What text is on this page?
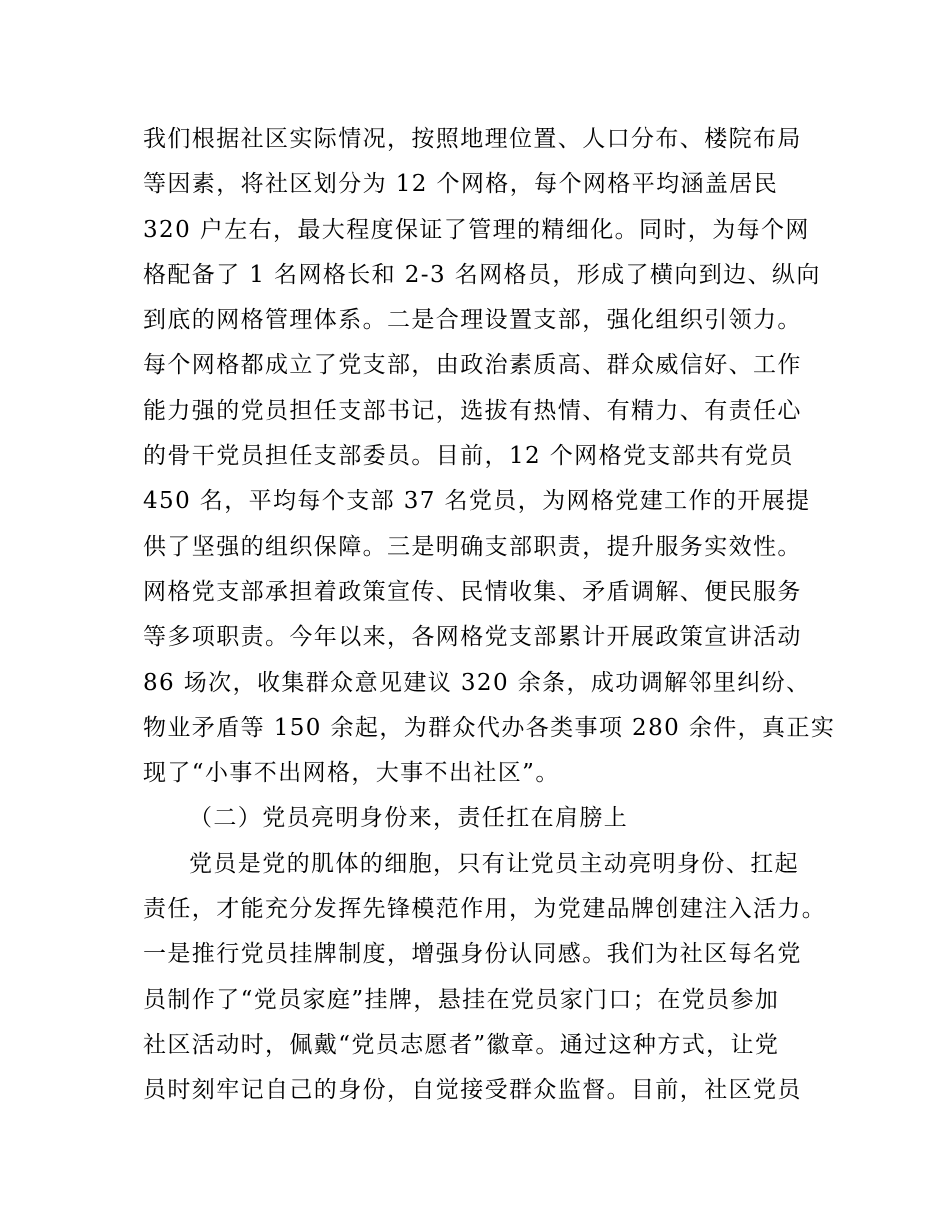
我们根据社区实际情况，按照地理位置、人口分布、楼院布局
等因素，将社区划分为 12 个网格，每个网格平均涵盖居民
320 户左右，最大程度保证了管理的精细化。同时，为每个网
格配备了 1 名网格长和 2-3 名网格员，形成了横向到边、纵向
到底的网格管理体系。二是合理设置支部，强化组织引领力。
每个网格都成立了党支部，由政治素质高、群众威信好、工作
能力强的党员担任支部书记，选拔有热情、有精力、有责任心
的骨干党员担任支部委员。目前，12 个网格党支部共有党员
450 名，平均每个支部 37 名党员，为网格党建工作的开展提
供了坚强的组织保障。三是明确支部职责，提升服务实效性。
网格党支部承担着政策宣传、民情收集、矛盾调解、便民服务
等多项职责。今年以来，各网格党支部累计开展政策宣讲活动
86 场次，收集群众意见建议 320 余条，成功调解邻里纠纷、
物业矛盾等 150 余起，为群众代办各类事项 280 余件，真正实
现了“小事不出网格，大事不出社区”。
（二）党员亮明身份来，责任扛在肩膀上
党员是党的肌体的细胞，只有让党员主动亮明身份、扛起
责任，才能充分发挥先锋模范作用，为党建品牌创建注入活力。
一是推行党员挂牌制度，增强身份认同感。我们为社区每名党
员制作了“党员家庭”挂牌，悬挂在党员家门口；在党员参加
社区活动时，佩戴“党员志愿者”徽章。通过这种方式，让党
员时刻牢记自己的身份，自觉接受群众监督。目前，社区党员
